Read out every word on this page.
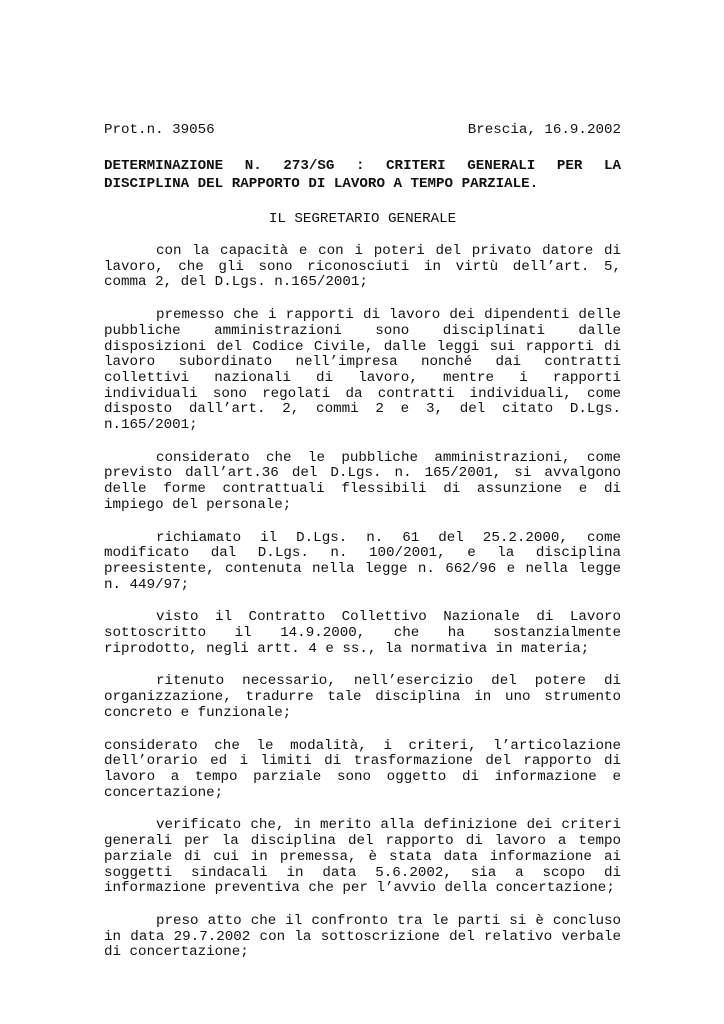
Prot.n. 39056	Brescia, 16.9.2002
DETERMINAZIONE N. 273/SG : CRITERI GENERALI PER LA DISCIPLINA DEL RAPPORTO DI LAVORO A TEMPO PARZIALE.
IL SEGRETARIO GENERALE

con la capacità e con i poteri del privato datore di lavoro, che gli sono riconosciuti in virtù dell’art. 5, comma 2, del D.Lgs. n.165/2001;

premesso che i rapporti di lavoro dei dipendenti delle pubbliche amministrazioni sono disciplinati dalle disposizioni del Codice Civile, dalle leggi sui rapporti di lavoro subordinato nell’impresa nonché dai contratti collettivi nazionali di lavoro, mentre i rapporti individuali sono regolati da contratti individuali, come disposto dall’art. 2, commi 2 e 3, del citato D.Lgs. n.165/2001;

considerato che le pubbliche amministrazioni, come previsto dall’art.36 del D.Lgs. n. 165/2001, si avvalgono delle forme contrattuali flessibili di assunzione e di impiego del personale;

richiamato il D.Lgs. n. 61 del 25.2.2000, come modificato dal D.Lgs. n. 100/2001, e la disciplina preesistente, contenuta nella legge n. 662/96 e nella legge n. 449/97;

visto il Contratto Collettivo Nazionale di Lavoro sottoscritto il 14.9.2000, che ha sostanzialmente riprodotto, negli artt. 4 e ss., la normativa in materia;

ritenuto necessario, nell’esercizio del potere di organizzazione, tradurre tale disciplina in uno strumento concreto e funzionale;

considerato che le modalità, i criteri, l’articolazione dell’orario ed i limiti di trasformazione del rapporto di lavoro a tempo parziale sono oggetto di informazione e concertazione;

verificato che, in merito alla definizione dei criteri generali per la disciplina del rapporto di lavoro a tempo parziale di cui in premessa, è stata data informazione ai soggetti sindacali in data 5.6.2002, sia a scopo di informazione preventiva che per l’avvio della concertazione;

preso atto che il confronto tra le parti si è concluso in data 29.7.2002 con la sottoscrizione del relativo verbale di concertazione;
